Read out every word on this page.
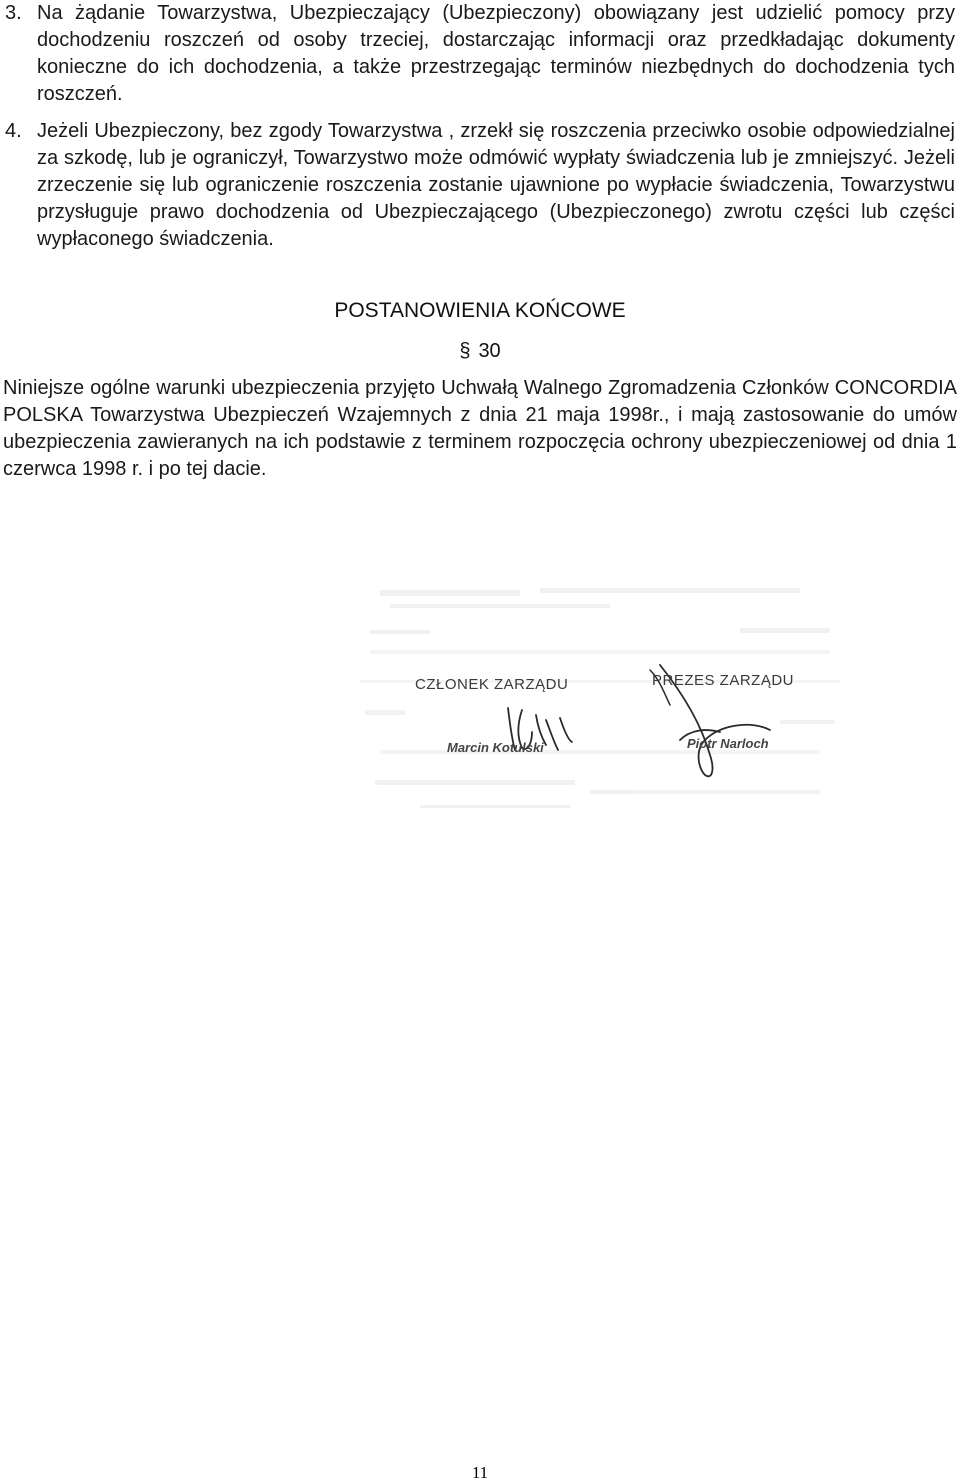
3. Na żądanie Towarzystwa, Ubezpieczający (Ubezpieczony) obowiązany jest udzielić pomocy przy dochodzeniu roszczeń od osoby trzeciej, dostarczając informacji oraz przedkładając dokumenty konieczne do ich dochodzenia, a także przestrzegając terminów niezbędnych do dochodzenia tych roszczeń.
4. Jeżeli Ubezpieczony, bez zgody Towarzystwa , zrzekł się roszczenia przeciwko osobie odpowiedzialnej za szkodę, lub je ograniczył, Towarzystwo może odmówić wypłaty świadczenia lub je zmniejszyć. Jeżeli zrzeczenie się lub ograniczenie roszczenia zostanie ujawnione po wypłacie świadczenia, Towarzystwu przysługuje prawo dochodzenia od Ubezpieczającego (Ubezpieczonego) zwrotu części lub części wypłaconego świadczenia.
POSTANOWIENIA KOŃCOWE
§ 30
Niniejsze ogólne warunki ubezpieczenia przyjęto Uchwałą Walnego Zgromadzenia Członków CONCORDIA POLSKA Towarzystwa Ubezpieczeń Wzajemnych z dnia 21 maja 1998r., i mają zastosowanie do umów ubezpieczenia zawieranych na ich podstawie z terminem rozpoczęcia ochrony ubezpieczeniowej od dnia 1 czerwca 1998 r. i po tej dacie.
CZŁONEK ZARZĄDU
Marcin Kotulski
PREZES ZARZĄDU
Piotr Narloch
11
